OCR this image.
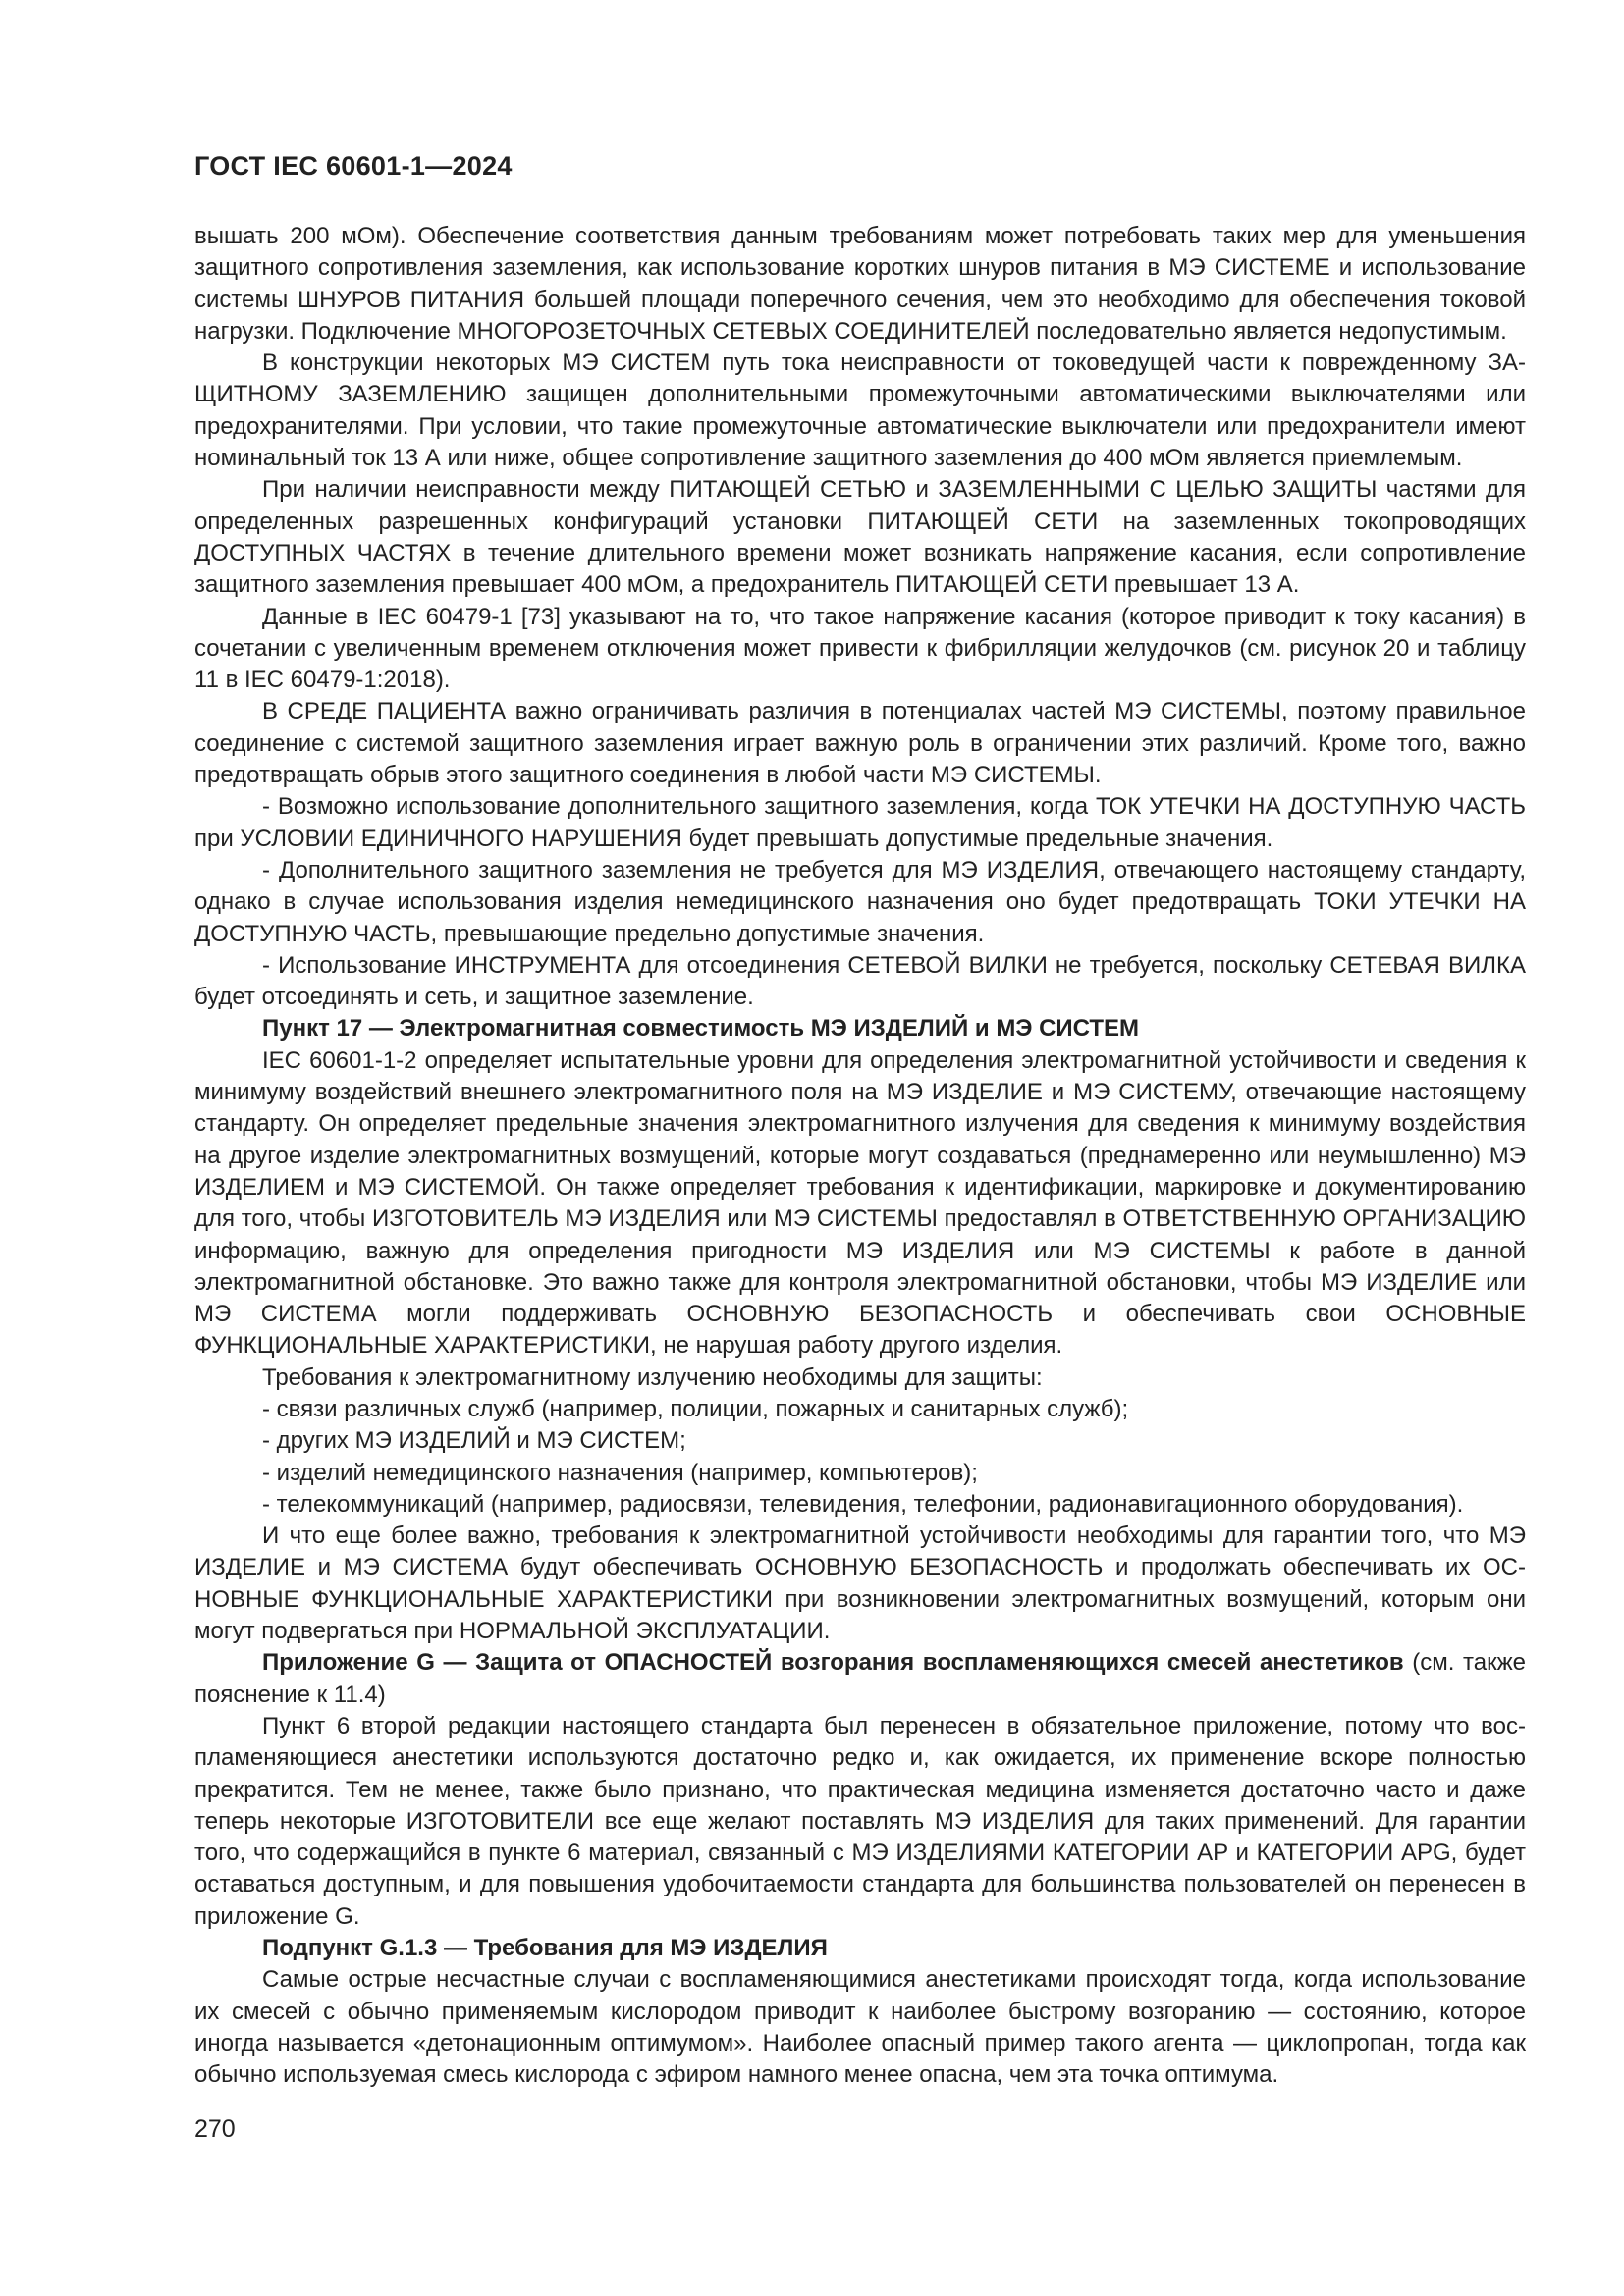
ГОСТ IEC 60601-1—2024

вышать 200 мОм). Обеспечение соответствия данным требованиям может потребовать таких мер для уменьшения защитного сопротивления заземления, как использование коротких шнуров питания в МЭ СИСТЕМЕ и использование системы ШНУРОВ ПИТАНИЯ большей площади поперечного сечения, чем это необходимо для обеспечения токовой нагрузки. Подключение МНОГОРОЗЕТОЧНЫХ СЕТЕВЫХ СОЕДИНИТЕЛЕЙ последовательно является недопустимым.

В конструкции некоторых МЭ СИСТЕМ путь тока неисправности от токоведущей части к поврежденному ЗАЩИТНОМУ ЗАЗЕМЛЕНИЮ защищен дополнительными промежуточными автоматическими выключателями или предохранителями. При условии, что такие промежуточные автоматические выключатели или предохранители имеют номинальный ток 13 А или ниже, общее сопротивление защитного заземления до 400 мОм является приемлемым.

При наличии неисправности между ПИТАЮЩЕЙ СЕТЬЮ и ЗАЗЕМЛЕННЫМИ С ЦЕЛЬЮ ЗАЩИТЫ частями для определенных разрешенных конфигураций установки ПИТАЮЩЕЙ СЕТИ на заземленных токопроводящих ДОСТУПНЫХ ЧАСТЯХ в течение длительного времени может возникать напряжение касания, если сопротивление защитного заземления превышает 400 мОм, а предохранитель ПИТАЮЩЕЙ СЕТИ превышает 13 А.

Данные в IEC 60479-1 [73] указывают на то, что такое напряжение касания (которое приводит к току касания) в сочетании с увеличенным временем отключения может привести к фибрилляции желудочков (см. рисунок 20 и таблицу 11 в IEC 60479-1:2018).

В СРЕДЕ ПАЦИЕНТА важно ограничивать различия в потенциалах частей МЭ СИСТЕМЫ, поэтому правильное соединение с системой защитного заземления играет важную роль в ограничении этих различий. Кроме того, важно предотвращать обрыв этого защитного соединения в любой части МЭ СИСТЕМЫ.

- Возможно использование дополнительного защитного заземления, когда ТОК УТЕЧКИ НА ДОСТУПНУЮ ЧАСТЬ при УСЛОВИИ ЕДИНИЧНОГО НАРУШЕНИЯ будет превышать допустимые предельные значения.

- Дополнительного защитного заземления не требуется для МЭ ИЗДЕЛИЯ, отвечающего настоящему стандарту, однако в случае использования изделия немедицинского назначения оно будет предотвращать ТОКИ УТЕЧКИ НА ДОСТУПНУЮ ЧАСТЬ, превышающие предельно допустимые значения.

- Использование ИНСТРУМЕНТА для отсоединения СЕТЕВОЙ ВИЛКИ не требуется, поскольку СЕТЕВАЯ ВИЛКА будет отсоединять и сеть, и защитное заземление.

Пункт 17 — Электромагнитная совместимость МЭ ИЗДЕЛИЙ и МЭ СИСТЕМ

IEC 60601-1-2 определяет испытательные уровни для определения электромагнитной устойчивости и сведения к минимуму воздействий внешнего электромагнитного поля на МЭ ИЗДЕЛИЕ и МЭ СИСТЕМУ, отвечающие настоящему стандарту. Он определяет предельные значения электромагнитного излучения для сведения к минимуму воздействия на другое изделие электромагнитных возмущений, которые могут создаваться (преднамеренно или неумышленно) МЭ ИЗДЕЛИЕМ и МЭ СИСТЕМОЙ. Он также определяет требования к идентификации, маркировке и документированию для того, чтобы ИЗГОТОВИТЕЛЬ МЭ ИЗДЕЛИЯ или МЭ СИСТЕМЫ предоставлял в ОТВЕТСТВЕННУЮ ОРГАНИЗАЦИЮ информацию, важную для определения пригодности МЭ ИЗДЕЛИЯ или МЭ СИСТЕМЫ к работе в данной электромагнитной обстановке. Это важно также для контроля электромагнитной обстановки, чтобы МЭ ИЗДЕЛИЕ или МЭ СИСТЕМА могли поддерживать ОСНОВНУЮ БЕЗОПАСНОСТЬ и обеспечивать свои ОСНОВНЫЕ ФУНКЦИОНАЛЬНЫЕ ХАРАКТЕРИСТИКИ, не нарушая работу другого изделия.

Требования к электромагнитному излучению необходимы для защиты:

- связи различных служб (например, полиции, пожарных и санитарных служб);

- других МЭ ИЗДЕЛИЙ и МЭ СИСТЕМ;

- изделий немедицинского назначения (например, компьютеров);

- телекоммуникаций (например, радиосвязи, телевидения, телефонии, радионавигационного оборудования).

И что еще более важно, требования к электромагнитной устойчивости необходимы для гарантии того, что МЭ ИЗДЕЛИЕ и МЭ СИСТЕМА будут обеспечивать ОСНОВНУЮ БЕЗОПАСНОСТЬ и продолжать обеспечивать их ОСНОВНЫЕ ФУНКЦИОНАЛЬНЫЕ ХАРАКТЕРИСТИКИ при возникновении электромагнитных возмущений, которым они могут подвергаться при НОРМАЛЬНОЙ ЭКСПЛУАТАЦИИ.

Приложение G — Защита от ОПАСНОСТЕЙ возгорания воспламеняющихся смесей анестетиков (см. также пояснение к 11.4)

Пункт 6 второй редакции настоящего стандарта был перенесен в обязательное приложение, потому что воспламеняющиеся анестетики используются достаточно редко и, как ожидается, их применение вскоре полностью прекратится. Тем не менее, также было признано, что практическая медицина изменяется достаточно часто и даже теперь некоторые ИЗГОТОВИТЕЛИ все еще желают поставлять МЭ ИЗДЕЛИЯ для таких применений. Для гарантии того, что содержащийся в пункте 6 материал, связанный с МЭ ИЗДЕЛИЯМИ КАТЕГОРИИ AP и КАТЕГОРИИ APG, будет оставаться доступным, и для повышения удобочитаемости стандарта для большинства пользователей он перенесен в приложение G.

Подпункт G.1.3 — Требования для МЭ ИЗДЕЛИЯ

Самые острые несчастные случаи с воспламеняющимися анестетиками происходят тогда, когда использование их смесей с обычно применяемым кислородом приводит к наиболее быстрому возгоранию — состоянию, которое иногда называется «детонационным оптимумом». Наиболее опасный пример такого агента — циклопропан, тогда как обычно используемая смесь кислорода с эфиром намного менее опасна, чем эта точка оптимума.

270
